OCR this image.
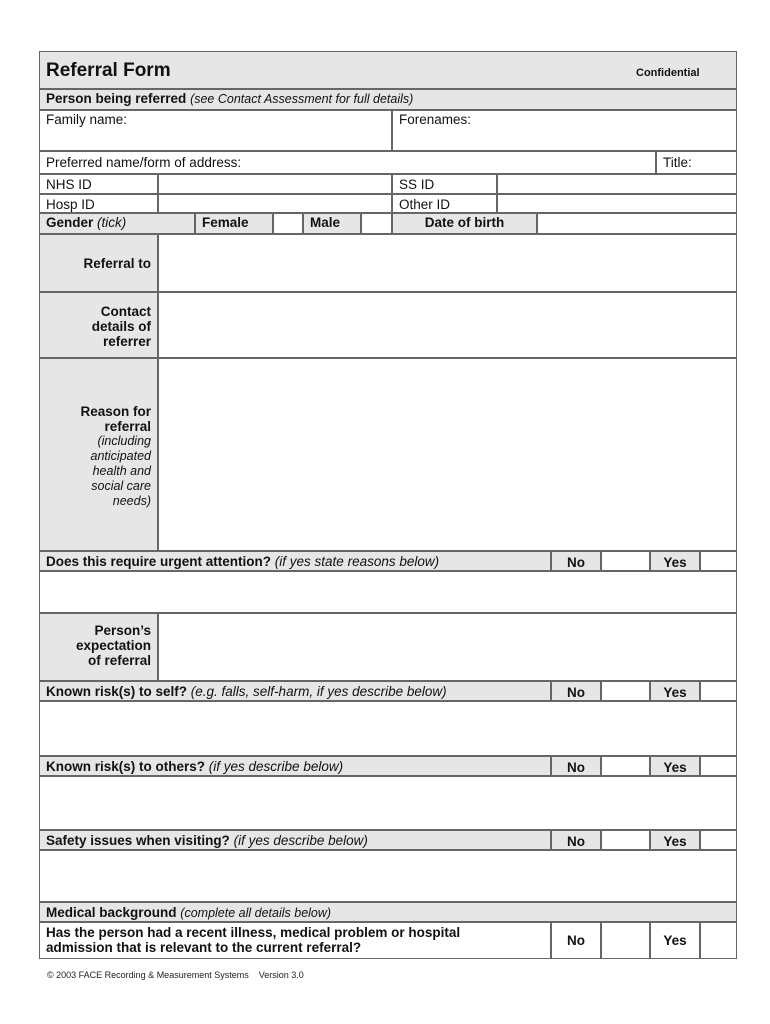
Referral Form	Confidential
Person being referred (see Contact Assessment for full details)
Family name:	Forenames:
Preferred name/form of address:	Title:
NHS ID	SS ID
Hosp ID	Other ID
Gender (tick)	Female	Male	Date of birth
Referral to
Contact
details of
referrer
Reason for
referral
(including
anticipated
health and
social care
needs)
Does this require urgent attention? (if yes state reasons below)	No	Yes
Person’s
expectation
of referral
Known risk(s) to self? (e.g. falls, self-harm, if yes describe below)	No	Yes
Known risk(s) to others? (if yes describe below)	No	Yes
Safety issues when visiting? (if yes describe below)	No	Yes
Medical background (complete all details below)
Has the person had a recent illness, medical problem or hospital
admission that is relevant to the current referral?	No	Yes
© 2003 FACE Recording & Measurement Systems Version 3.0
